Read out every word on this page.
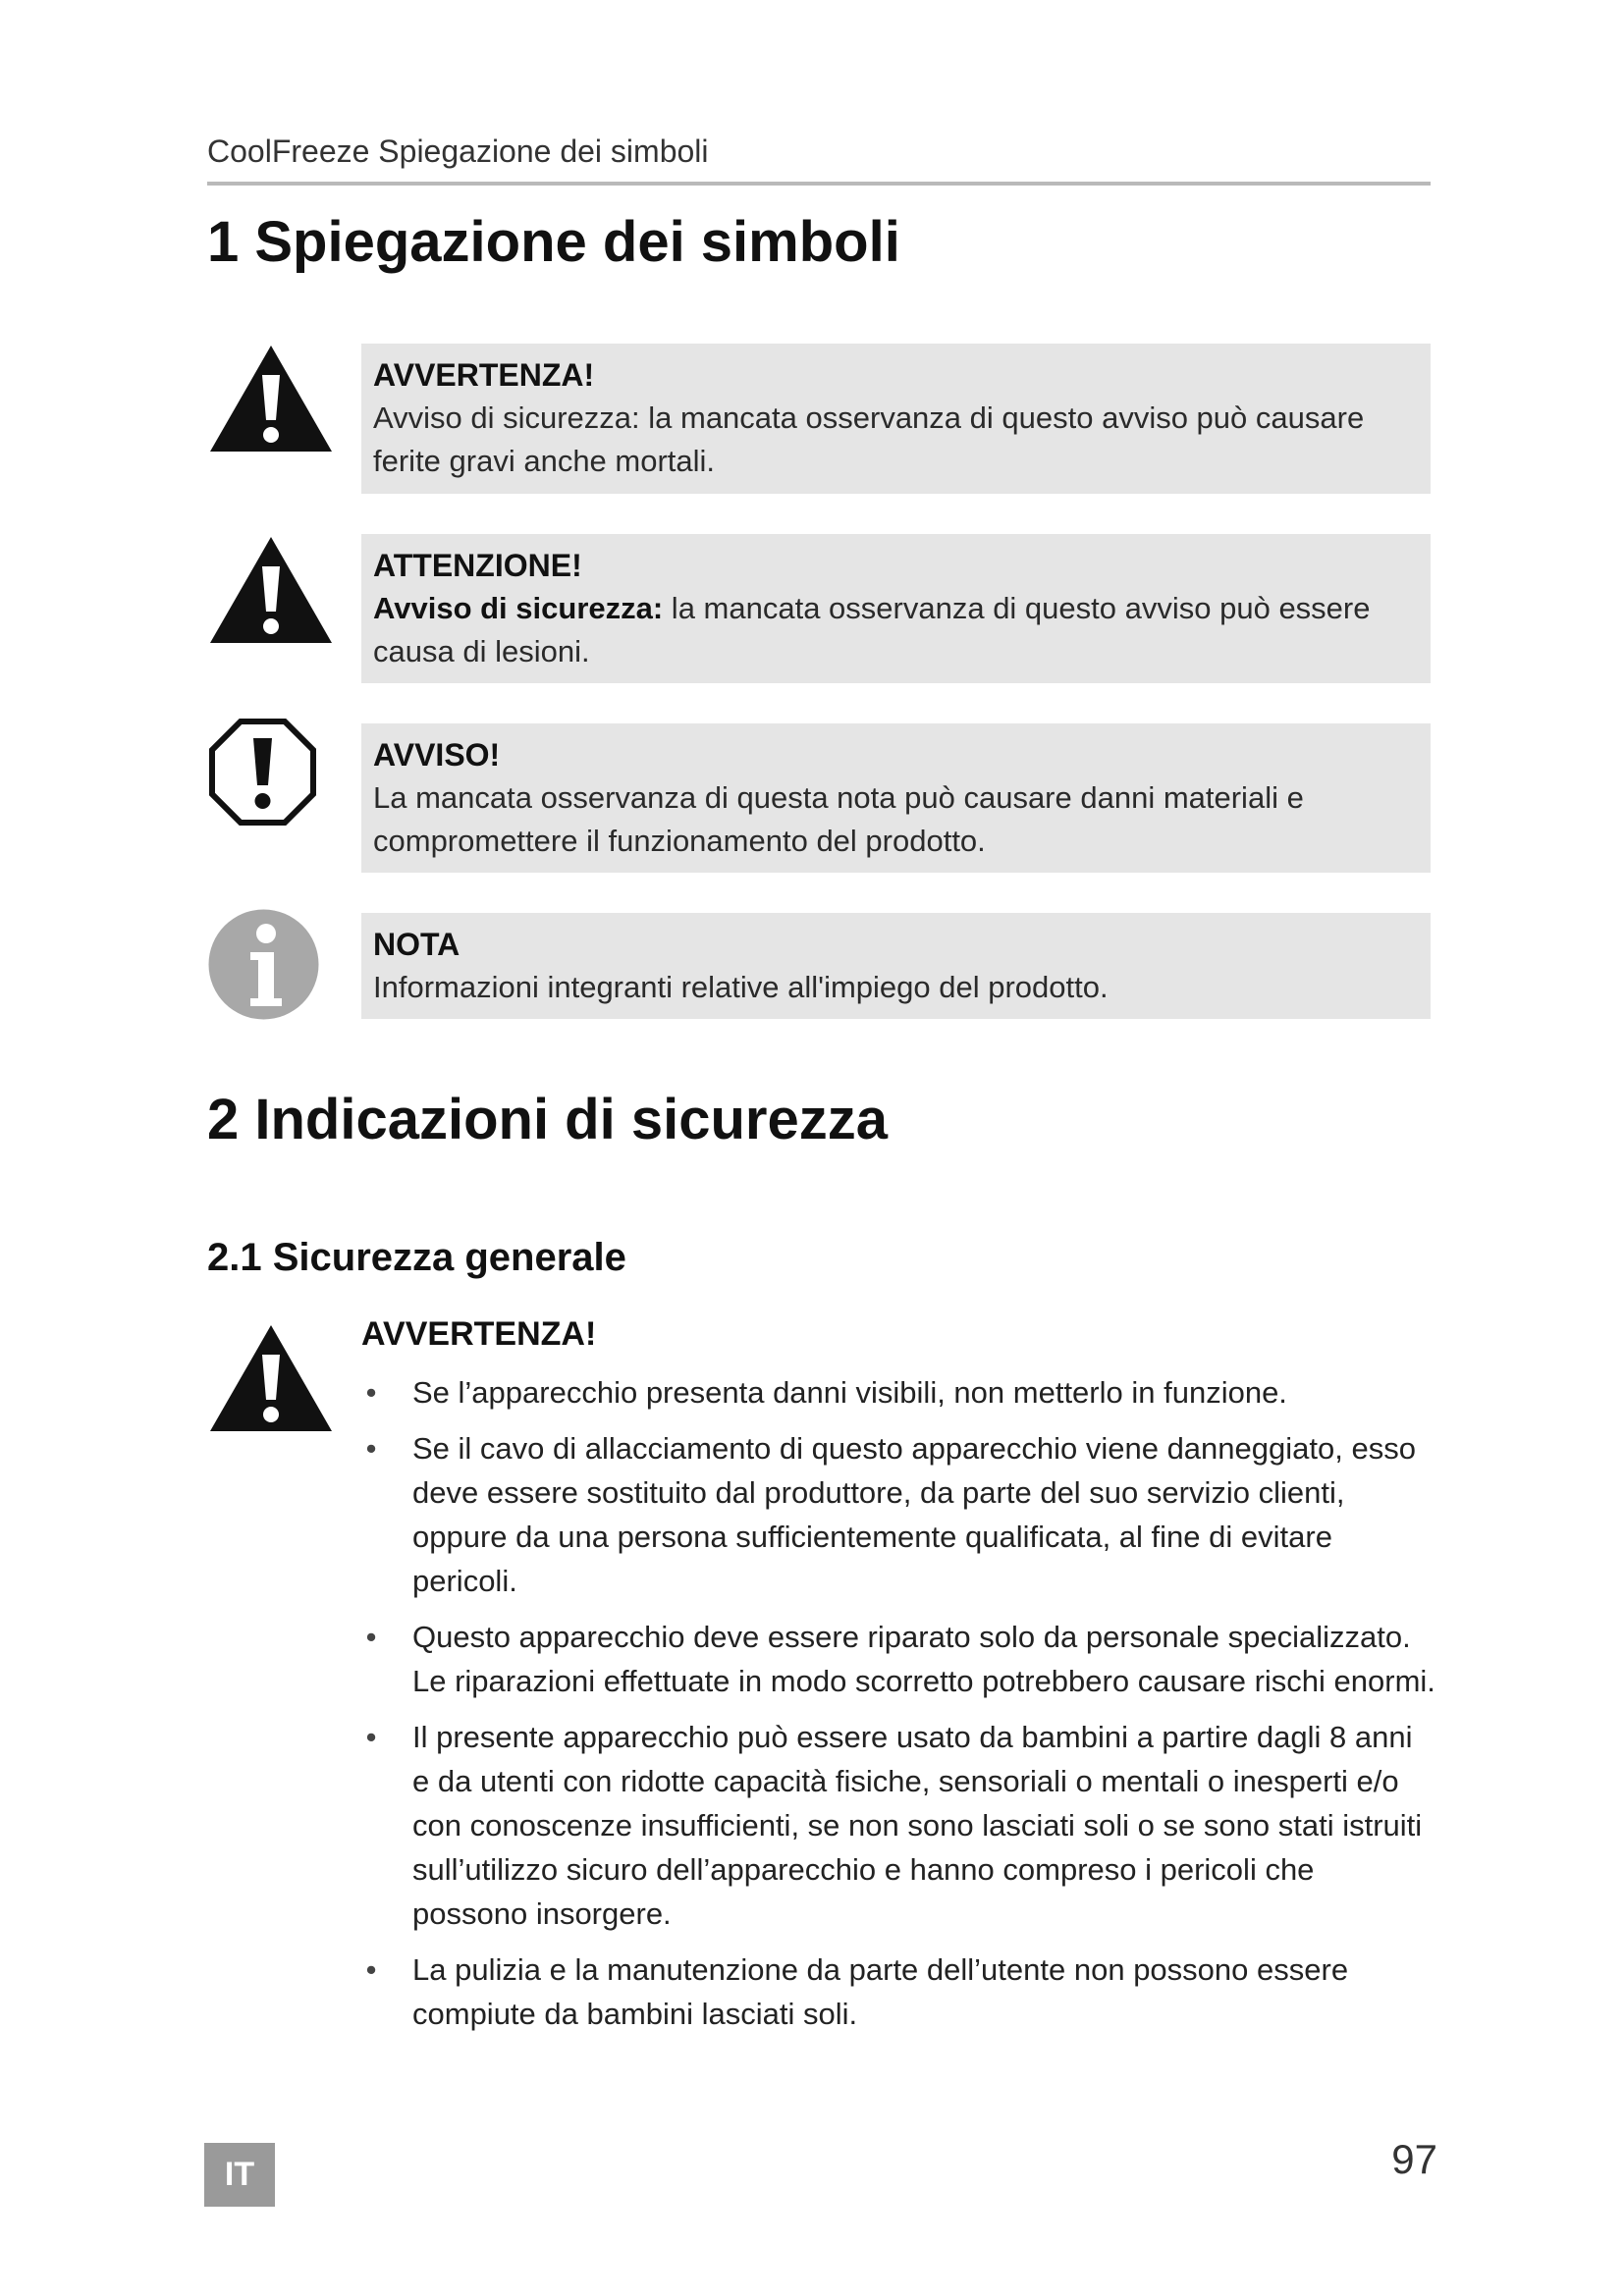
CoolFreeze Spiegazione dei simboli
1 Spiegazione dei simboli
AVVERTENZA!
Avviso di sicurezza: la mancata osservanza di questo avviso può causare ferite gravi anche mortali.
ATTENZIONE!
Avviso di sicurezza: la mancata osservanza di questo avviso può essere causa di lesioni.
AVVISO!
La mancata osservanza di questa nota può causare danni materiali e compromettere il funzionamento del prodotto.
NOTA
Informazioni integranti relative all'impiego del prodotto.
2 Indicazioni di sicurezza
2.1 Sicurezza generale
AVVERTENZA!
• Se l’apparecchio presenta danni visibili, non metterlo in funzione.
• Se il cavo di allacciamento di questo apparecchio viene danneggiato, esso deve essere sostituito dal produttore, da parte del suo servizio clienti, oppure da una persona sufficientemente qualificata, al fine di evitare pericoli.
• Questo apparecchio deve essere riparato solo da personale specializzato. Le riparazioni effettuate in modo scorretto potrebbero causare rischi enormi.
• Il presente apparecchio può essere usato da bambini a partire dagli 8 anni e da utenti con ridotte capacità fisiche, sensoriali o mentali o inesperti e/o con conoscenze insufficienti, se non sono lasciati soli o se sono stati istruiti sull’utilizzo sicuro dell’apparecchio e hanno compreso i pericoli che possono insorgere.
• La pulizia e la manutenzione da parte dell’utente non possono essere compiute da bambini lasciati soli.
IT	97
